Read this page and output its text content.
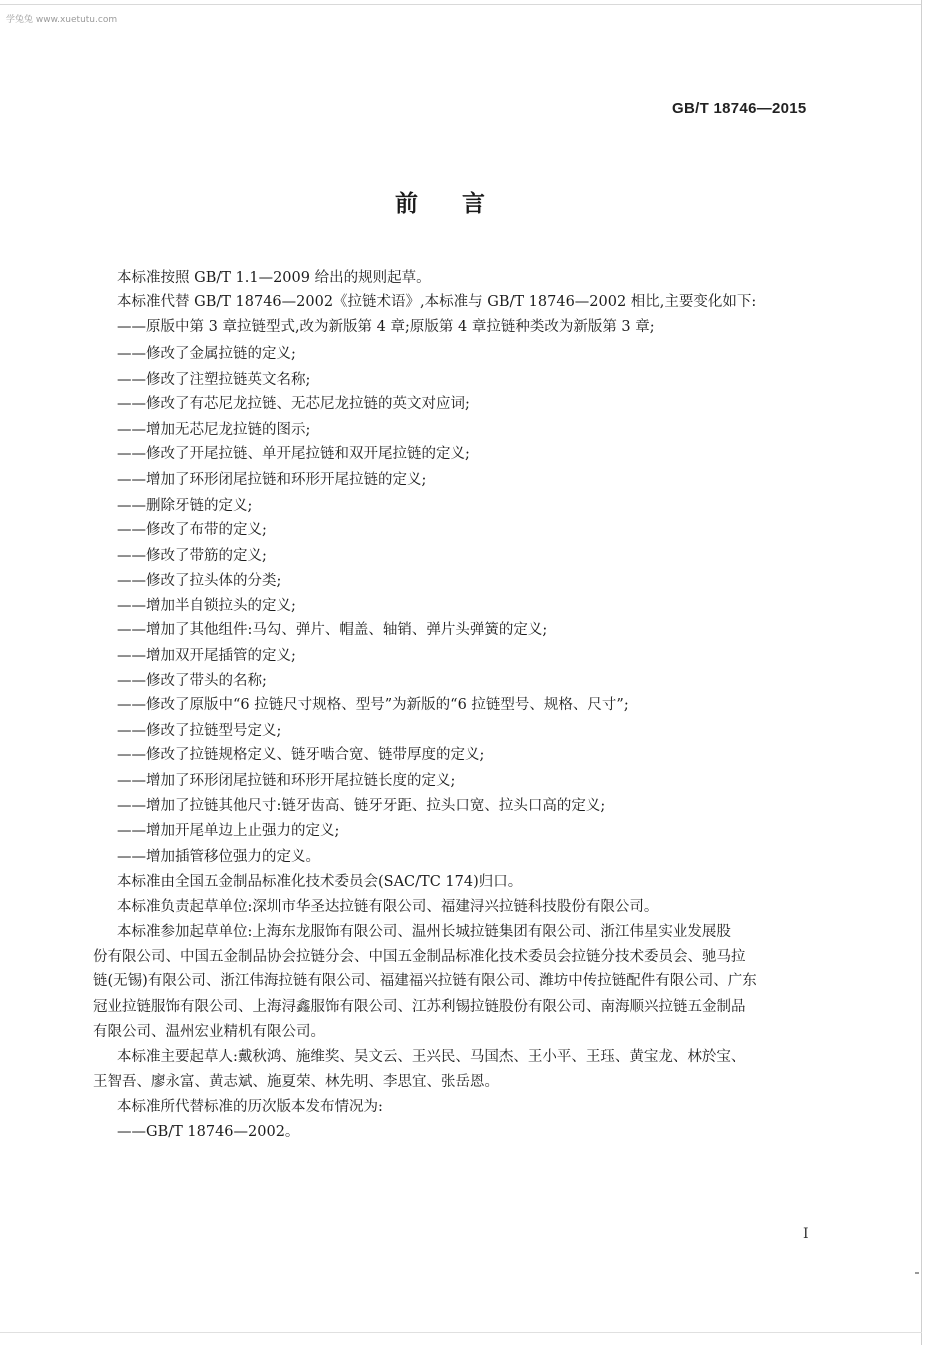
学兔兔 www.xuetutu.com
GB/T 18746—2015
前言
本标准按照 GB/T 1.1—2009 给出的规则起草。
本标准代替 GB/T 18746—2002《拉链术语》,本标准与 GB/T 18746—2002 相比,主要变化如下:
——原版中第 3 章拉链型式,改为新版第 4 章;原版第 4 章拉链种类改为新版第 3 章;
——修改了金属拉链的定义;
——修改了注塑拉链英文名称;
——修改了有芯尼龙拉链、无芯尼龙拉链的英文对应词;
——增加无芯尼龙拉链的图示;
——修改了开尾拉链、单开尾拉链和双开尾拉链的定义;
——增加了环形闭尾拉链和环形开尾拉链的定义;
——删除牙链的定义;
——修改了布带的定义;
——修改了带筋的定义;
——修改了拉头体的分类;
——增加半自锁拉头的定义;
——增加了其他组件:马勾、弹片、帽盖、轴销、弹片头弹簧的定义;
——增加双开尾插管的定义;
——修改了带头的名称;
——修改了原版中“6 拉链尺寸规格、型号”为新版的“6 拉链型号、规格、尺寸”;
——修改了拉链型号定义;
——修改了拉链规格定义、链牙啮合宽、链带厚度的定义;
——增加了环形闭尾拉链和环形开尾拉链长度的定义;
——增加了拉链其他尺寸:链牙齿高、链牙牙距、拉头口宽、拉头口高的定义;
——增加开尾单边上止强力的定义;
——增加插管移位强力的定义。
本标准由全国五金制品标准化技术委员会(SAC/TC 174)归口。
本标准负责起草单位:深圳市华圣达拉链有限公司、福建浔兴拉链科技股份有限公司。
本标准参加起草单位:上海东龙服饰有限公司、温州长城拉链集团有限公司、浙江伟星实业发展股
份有限公司、中国五金制品协会拉链分会、中国五金制品标准化技术委员会拉链分技术委员会、驰马拉
链(无锡)有限公司、浙江伟海拉链有限公司、福建福兴拉链有限公司、潍坊中传拉链配件有限公司、广东
冠业拉链服饰有限公司、上海浔鑫服饰有限公司、江苏利锡拉链股份有限公司、南海顺兴拉链五金制品
有限公司、温州宏业精机有限公司。
本标准主要起草人:戴秋鸿、施维奖、吴文云、王兴民、马国杰、王小平、王珏、黄宝龙、林於宝、
王智吾、廖永富、黄志斌、施夏荣、林先明、李思宜、张岳恩。
本标准所代替标准的历次版本发布情况为:
——GB/T 18746—2002。
I
